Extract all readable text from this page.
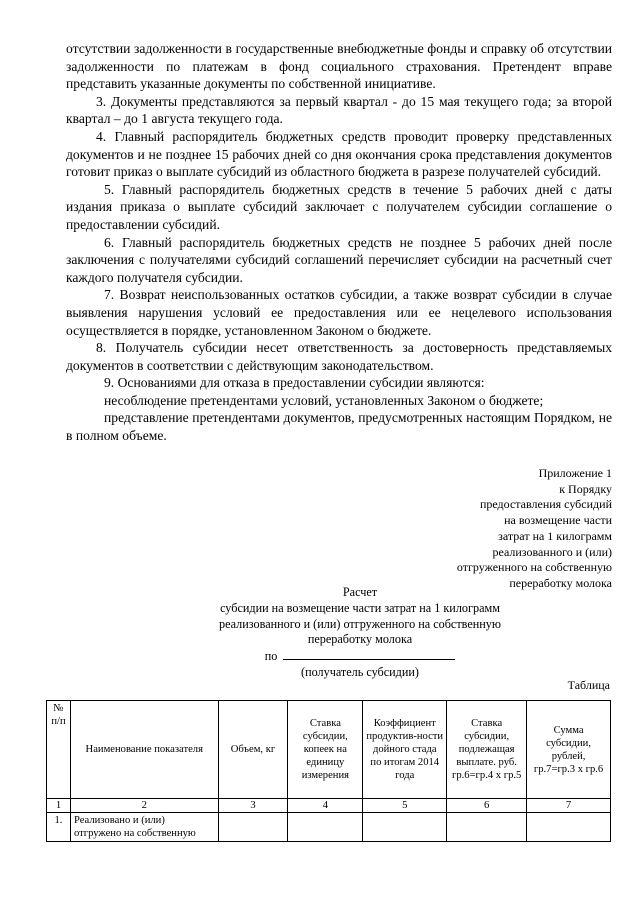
отсутствии задолженности в государственные внебюджетные фонды и справку об отсутствии задолженности по платежам в фонд социального страхования. Претендент вправе представить указанные документы по собственной инициативе.

3. Документы представляются за первый квартал - до 15 мая текущего года; за второй квартал – до 1 августа текущего года.

4. Главный распорядитель бюджетных средств проводит проверку представленных документов и не позднее 15 рабочих дней со дня окончания срока представления документов готовит приказ о выплате субсидий из областного бюджета в разрезе получателей субсидий.

5. Главный распорядитель бюджетных средств в течение 5 рабочих дней с даты издания приказа о выплате субсидий заключает с получателем субсидии соглашение о предоставлении субсидий.

6. Главный распорядитель бюджетных средств не позднее 5 рабочих дней после заключения с получателями субсидий соглашений перечисляет субсидии на расчетный счет каждого получателя субсидии.

7. Возврат неиспользованных остатков субсидии, а также возврат субсидии в случае выявления нарушения условий ее предоставления или ее нецелевого использования осуществляется в порядке, установленном Законом о бюджете.

8. Получатель субсидии несет ответственность за достоверность представляемых документов в соответствии с действующим законодательством.

9. Основаниями для отказа в предоставлении субсидии являются:

несоблюдение претендентами условий, установленных Законом о бюджете;

представление претендентами документов, предусмотренных настоящим Порядком, не в полном объеме.

Приложение 1
к Порядку
предоставления субсидий
на возмещение части
затрат на 1 килограмм
реализованного и (или)
отгруженного на собственную
переработку молока
Расчет
субсидии на возмещение части затрат на 1 килограмм
реализованного и (или) отгруженного на собственную
переработку молока
по
(получатель субсидии)
Таблица
№ п/п	Наименование показателя	Объем, кг	Ставка субсидии, копеек на единицу измерения	Коэффициент продуктив-ности дойного стада по итогам 2014 года	Ставка субсидии, подлежащая выплате. руб. гр.6=гр.4 х гр.5	Сумма субсидии, рублей, гр.7=гр.3 х гр.6
1	2	3	4	5	6	7
1.	Реализовано и (или) отгружено на собственную					
